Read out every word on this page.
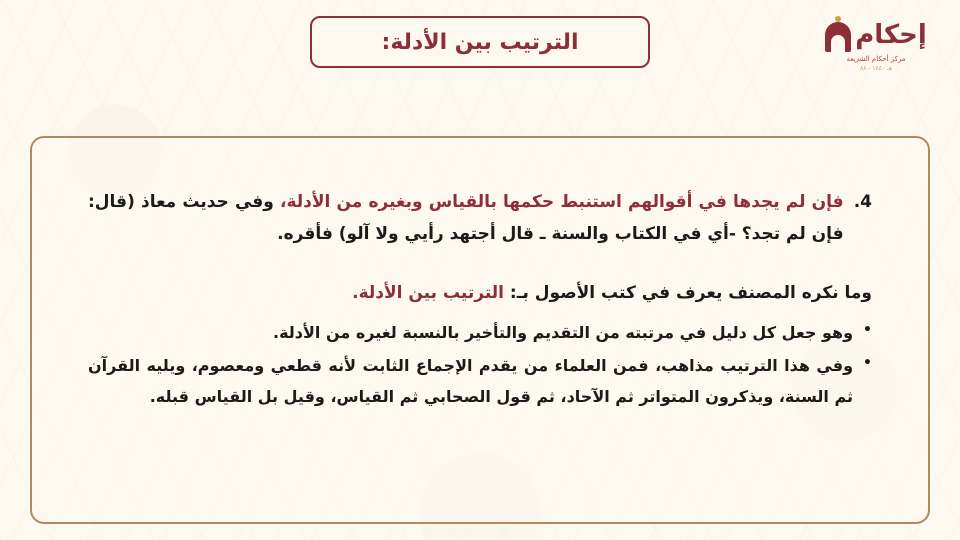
الترتيب بين الأدلة:	إحكام
مركز أحكام الشريعة
هـ ١٤٤٠ - ٨٨
4.
فإن لم يجدها في أقوالهم استنبط حكمها بالقياس وبغيره من الأدلة، وفي حديث معاذ (قال: فإن لم تجد؟ -أي في الكتاب والسنة ـ قال أجتهد رأيي ولا آلو) فأقره.
وما نكره المصنف يعرف في كتب الأصول بـ: الترتيب بين الأدلة.
•
وهو جعل كل دليل في مرتبته من التقديم والتأخير بالنسبة لغيره من الأدلة.
•
وفي هذا الترتيب مذاهب، فمن العلماء من يقدم الإجماع الثابت لأنه قطعي ومعصوم، ويليه القرآن ثم السنة، ويذكرون المتواتر ثم الآحاد، ثم قول الصحابي ثم القياس، وقيل بل القياس قبله.
